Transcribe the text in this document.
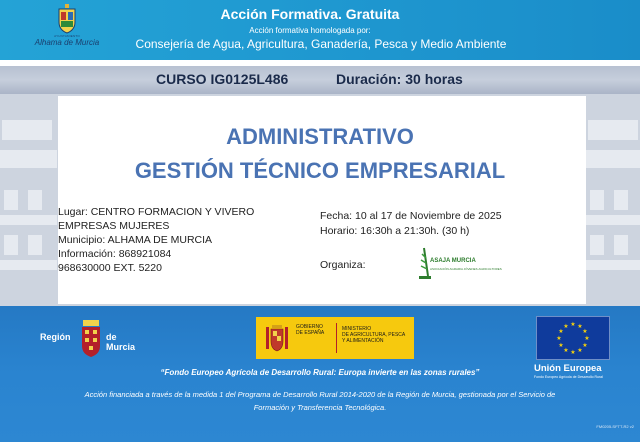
AYUNTAMIENTO
Alhama de Murcia
Acción Formativa. Gratuita
Acción formativa homologada por:
Consejería de Agua, Agricultura, Ganadería, Pesca y Medio Ambiente
CURSO IG0125L486	Duración: 30 horas
ADMINISTRATIVO
GESTIÓN TÉCNICO EMPRESARIAL
Lugar: CENTRO FORMACION Y VIVERO
EMPRESAS MUJERES
Municipio: ALHAMA DE MURCIA
Información: 868921084
968630000 EXT. 5220
Fecha: 10 al 17 de Noviembre de 2025
Horario: 16:30h a 21:30h. (30 h)
Organiza:	ASAJA MURCIA
ASOCIACIÓN AGRARIA JÓVENES AGRICULTORES
Región	de Murcia
GOBIERNO
DE ESPAÑA
MINISTERIO
DE AGRICULTURA, PESCA
Y ALIMENTACIÓN
★ ★
★
★
★
★
★
★
★
★
★
★
Unión Europea
Fondo Europeo Agrícola de Desarrollo Rural
“Fondo Europeo Agrícola de Desarrollo Rural: Europa invierte en las zonas rurales”
Acción financiada a través de la medida 1 del Programa de Desarrollo Rural 2014-2020 de la Región de Murcia, gestionada por el Servicio de
Formación y Transferencia Tecnológica.
FM0205-SFTT-R2 v2
